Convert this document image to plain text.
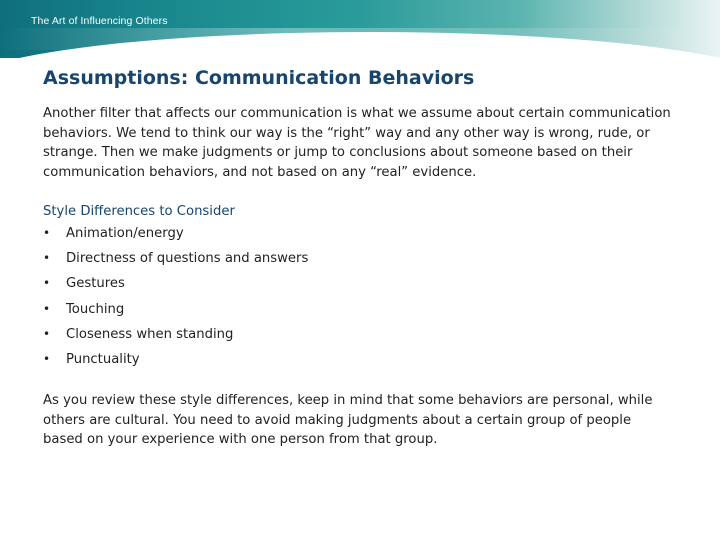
The Art of Influencing Others
Assumptions: Communication Behaviors

Another filter that affects our communication is what we assume about certain communication behaviors. We tend to think our way is the “right” way and any other way is wrong, rude, or strange. Then we make judgments or jump to conclusions about someone based on their communication behaviors, and not based on any “real” evidence.

Style Differences to Consider
• Animation/energy
• Directness of questions and answers
• Gestures
• Touching
• Closeness when standing
• Punctuality

As you review these style differences, keep in mind that some behaviors are personal, while others are cultural. You need to avoid making judgments about a certain group of people based on your experience with one person from that group.
